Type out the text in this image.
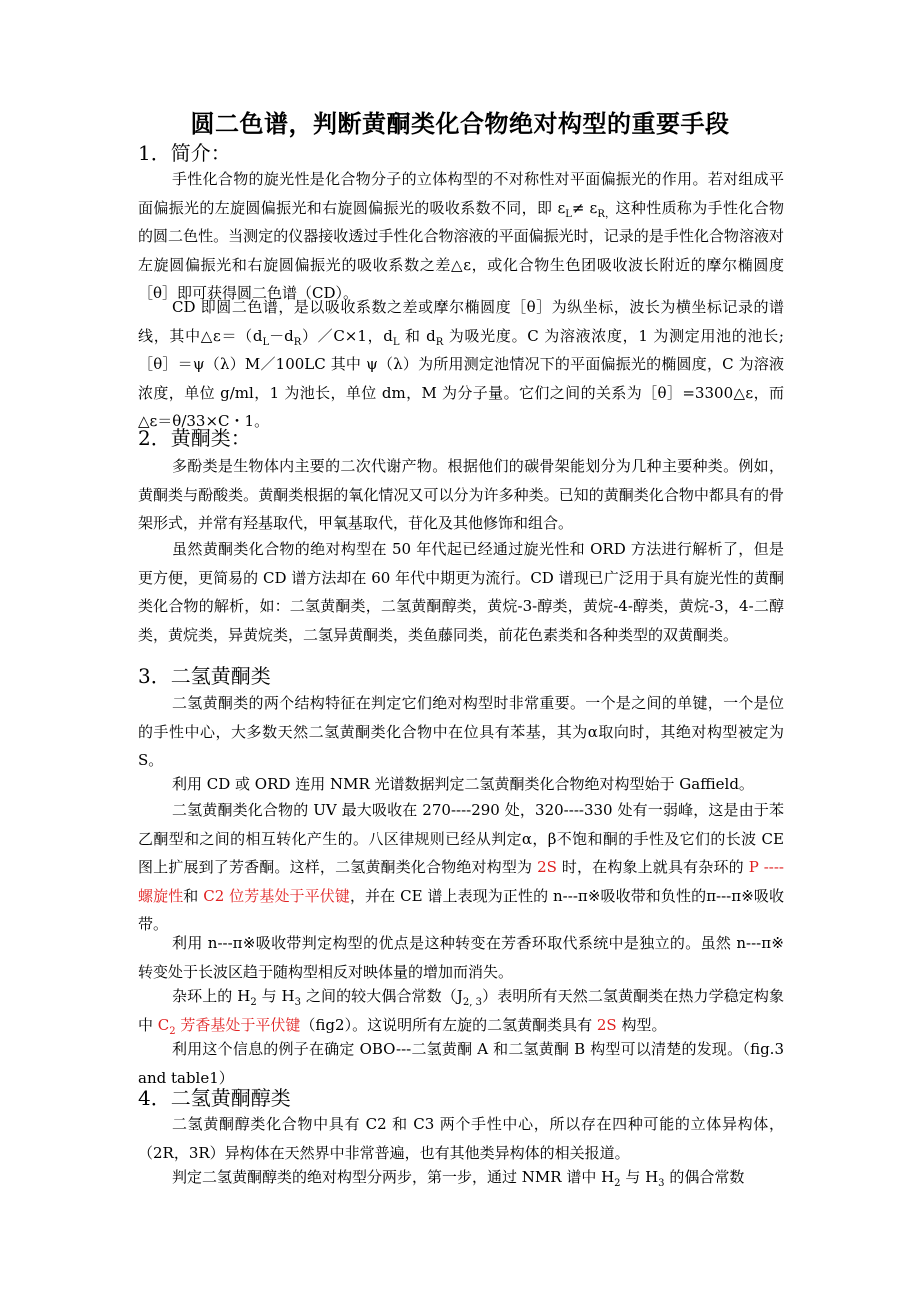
圆二色谱，判断黄酮类化合物绝对构型的重要手段
1．简介：

手性化合物的旋光性是化合物分子的立体构型的不对称性对平面偏振光的作用。若对组成平面偏振光的左旋圆偏振光和右旋圆偏振光的吸收系数不同，即 $\varepsilon_L\ne \varepsilon_{R,}$这种性质称为手性化合物的圆二色性。当测定的仪器接收透过手性化合物溶液的平面偏振光时，记录的是手性化合物溶液对左旋圆偏振光和右旋圆偏振光的吸收系数之差△ε，或化合物生色团吸收波长附近的摩尔椭圆度［θ］即可获得圆二色谱（CD）。

CD 即圆二色谱，是以吸收系数之差或摩尔椭圆度［θ］为纵坐标，波长为横坐标记录的谱线，其中$\triangle\varepsilon=(d_L-d_R)/C\times 1$，$d_L$ 和 $d_R$ 为吸光度。C 为溶液浓度，1 为测定用池的池长;［θ］＝ψ（λ）M／100LC 其中 ψ（λ）为所用测定池情况下的平面偏振光的椭圆度，C 为溶液浓度，单位 g/ml，1 为池长，单位 dm，M 为分子量。它们之间的关系为［θ］=3300△ε，而△ε＝θ/33×C・1。

2．黄酮类：

多酚类是生物体内主要的二次代谢产物。根据他们的碳骨架能划分为几种主要种类。例如，黄酮类与酚酸类。黄酮类根据的氧化情况又可以分为许多种类。已知的黄酮类化合物中都具有的骨架形式，并常有羟基取代，甲氧基取代，苷化及其他修饰和组合。

虽然黄酮类化合物的绝对构型在 50 年代起已经通过旋光性和 ORD 方法进行解析了，但是更方便，更简易的 CD 谱方法却在 60 年代中期更为流行。CD 谱现已广泛用于具有旋光性的黄酮类化合物的解析，如：二氢黄酮类，二氢黄酮醇类，黄烷-3-醇类，黄烷-4-醇类，黄烷-3，4-二醇类，黄烷类，异黄烷类，二氢异黄酮类，类鱼藤同类，前花色素类和各种类型的双黄酮类。

3．二氢黄酮类

二氢黄酮类的两个结构特征在判定它们绝对构型时非常重要。一个是之间的单键，一个是位的手性中心，大多数天然二氢黄酮类化合物中在位具有苯基，其为α取向时，其绝对构型被定为 S。

利用 CD 或 ORD 连用 NMR 光谱数据判定二氢黄酮类化合物绝对构型始于 Gaffield。

二氢黄酮类化合物的 UV 最大吸收在 270----290 处，320----330 处有一弱峰，这是由于苯乙酮型和之间的相互转化产生的。八区律规则已经从判定α，β不饱和酮的手性及它们的长波 CE 图上扩展到了芳香酮。这样，二氢黄酮类化合物绝对构型为 2S 时，在构象上就具有杂环的 P ----螺旋性和 C2 位芳基处于平伏键，并在 CE 谱上表现为正性的 n---π※吸收带和负性的π---π※吸收带。

利用 n---π※吸收带判定构型的优点是这种转变在芳香环取代系统中是独立的。虽然 n---π※转变处于长波区趋于随构型相反对映体量的增加而消失。

杂环上的 $H_2$ 与 $H_3$ 之间的较大偶合常数$(J_{2, 3})$表明所有天然二氢黄酮类在热力学稳定构象中 $C_2$ 芳香基处于平伏键（fig2）。这说明所有左旋的二氢黄酮类具有 2S 构型。

利用这个信息的例子在确定 OBO---二氢黄酮 A 和二氢黄酮 B 构型可以清楚的发现。（fig.3 and table1）

4．二氢黄酮醇类

二氢黄酮醇类化合物中具有 C2 和 C3 两个手性中心，所以存在四种可能的立体异构体，（2R，3R）异构体在天然界中非常普遍，也有其他类异构体的相关报道。

判定二氢黄酮醇类的绝对构型分两步，第一步，通过 NMR 谱中 $H_2$ 与 $H_3$ 的偶合常数
